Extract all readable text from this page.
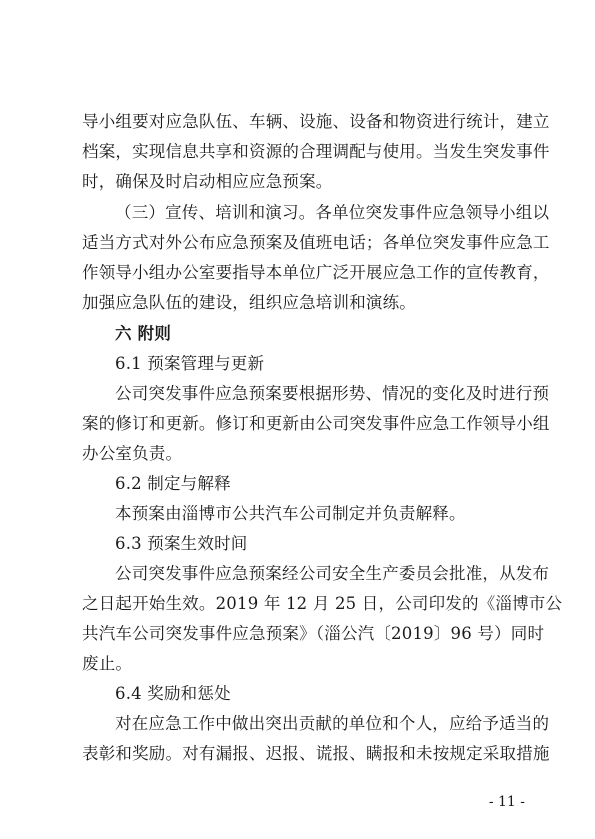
导小组要对应急队伍、车辆、设施、设备和物资进行统计，建立
档案，实现信息共享和资源的合理调配与使用。当发生突发事件
时，确保及时启动相应应急预案。
（三）宣传、培训和演习。各单位突发事件应急领导小组以
适当方式对外公布应急预案及值班电话；各单位突发事件应急工
作领导小组办公室要指导本单位广泛开展应急工作的宣传教育，
加强应急队伍的建设，组织应急培训和演练。
六 附则
6.1 预案管理与更新
公司突发事件应急预案要根据形势、情况的变化及时进行预
案的修订和更新。修订和更新由公司突发事件应急工作领导小组
办公室负责。
6.2 制定与解释
本预案由淄博市公共汽车公司制定并负责解释。
6.3 预案生效时间
公司突发事件应急预案经公司安全生产委员会批准，从发布
之日起开始生效。2019 年 12 月 25 日，公司印发的《淄博市公
共汽车公司突发事件应急预案》（淄公汽〔2019〕96 号）同时
废止。
6.4 奖励和惩处
对在应急工作中做出突出贡献的单位和个人，应给予适当的
表彰和奖励。对有漏报、迟报、谎报、瞒报和未按规定采取措施
- 11 -
